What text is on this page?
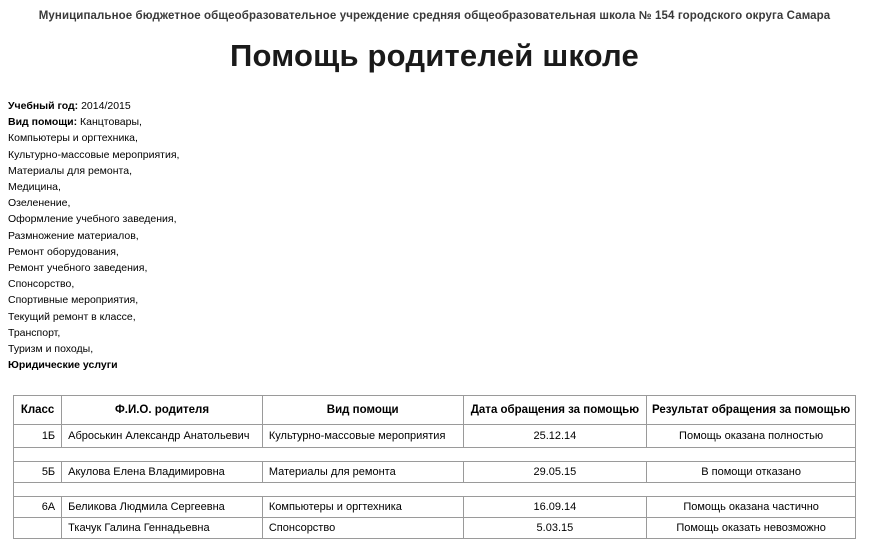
Муниципальное бюджетное общеобразовательное учреждение средняя общеобразовательная школа № 154 городского округа Самара
Помощь родителей школе
Учебный год: 2014/2015
Вид помощи: Канцтовары,
Компьютеры и оргтехника,
Культурно-массовые мероприятия,
Материалы для ремонта,
Медицина,
Озеленение,
Оформление учебного заведения,
Размножение материалов,
Ремонт оборудования,
Ремонт учебного заведения,
Спонсорство,
Спортивные мероприятия,
Текущий ремонт в классе,
Транспорт,
Туризм и походы,
Юридические услуги
Класс	Ф.И.О. родителя	Вид помощи	Дата обращения за помощью	Результат обращения за помощью
1Б	Аброськин Александр Анатольевич	Культурно-массовые мероприятия	25.12.14	Помощь оказана полностью

5Б	Акулова Елена Владимировна	Материалы для ремонта	29.05.15	В помощи отказано

6А	Беликова Людмила Сергеевна	Компьютеры и оргтехника	16.09.14	Помощь оказана частично
	Ткачук Галина Геннадьевна	Спонсорство	5.03.15	Помощь оказать невозможно
